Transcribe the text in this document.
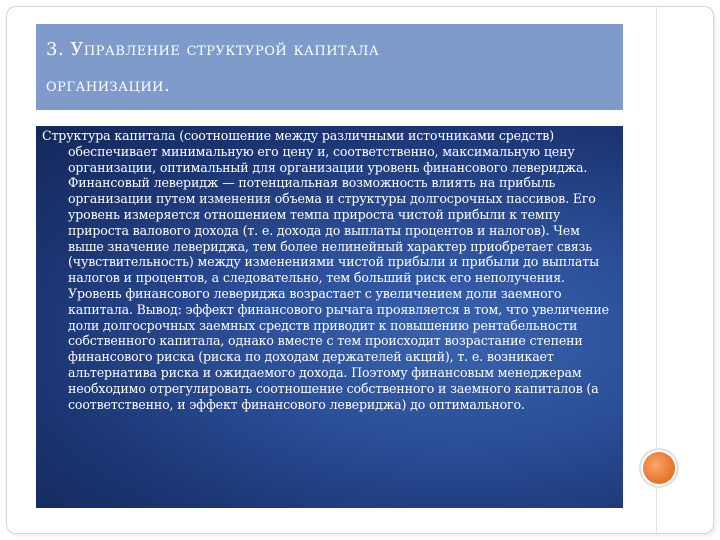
3. Управление структурой капитала
организации.

Структура капитала (соотношение между различными источниками средств) обеспечивает минимальную его цену и, соответственно, максимальную цену организации, оптимальный для организации уровень финансового левериджа. Финансовый леверидж — потенциальная возможность влиять на прибыль организации путем изменения объема и структуры долгосрочных пассивов. Его уровень измеряется отношением темпа прироста чистой прибыли к темпу прироста валового дохода (т. е. дохода до выплаты процентов и налогов). Чем выше значение левериджа, тем более нелинейный характер приобретает связь (чувствительность) между изменениями чистой прибыли и прибыли до выплаты налогов и процентов, а следовательно, тем больший риск его неполучения. Уровень финансового левериджа возрастает с увеличением доли заемного капитала. Вывод: эффект финансового рычага проявляется в том, что увеличение доли долгосрочных заемных средств приводит к повышению рентабельности собственного капитала, однако вместе с тем происходит возрастание степени финансового риска (риска по доходам держателей акций), т. е. возникает альтернатива риска и ожидаемого дохода. Поэтому финансовым менеджерам необходимо отрегулировать соотношение собственного и заемного капиталов (а соответственно, и эффект финансового левериджа) до оптимального.
